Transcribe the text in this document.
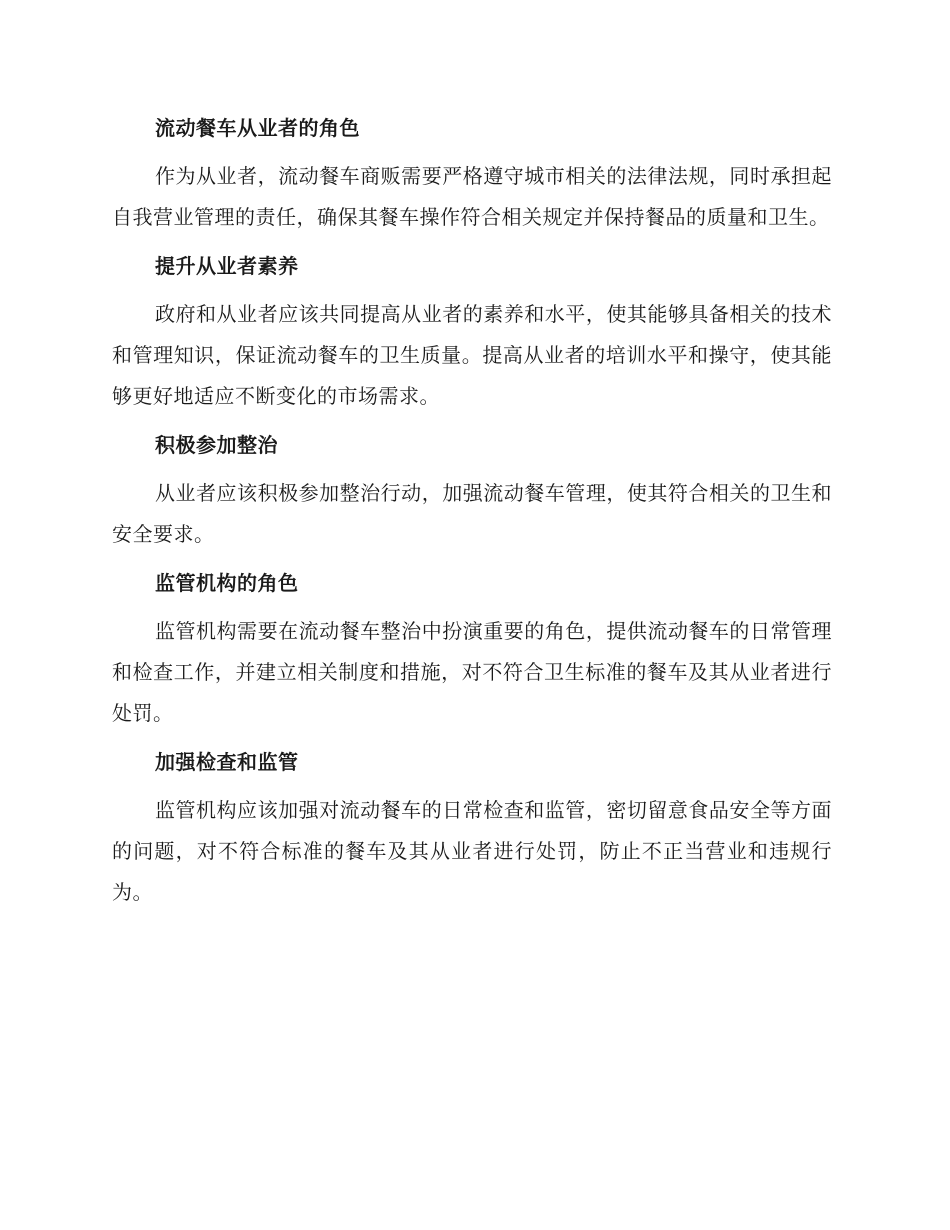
流动餐车从业者的角色

作为从业者，流动餐车商贩需要严格遵守城市相关的法律法规，同时承担起自我营业管理的责任，确保其餐车操作符合相关规定并保持餐品的质量和卫生。

提升从业者素养

政府和从业者应该共同提高从业者的素养和水平，使其能够具备相关的技术和管理知识，保证流动餐车的卫生质量。提高从业者的培训水平和操守，使其能够更好地适应不断变化的市场需求。

积极参加整治

从业者应该积极参加整治行动，加强流动餐车管理，使其符合相关的卫生和安全要求。

监管机构的角色

监管机构需要在流动餐车整治中扮演重要的角色，提供流动餐车的日常管理和检查工作，并建立相关制度和措施，对不符合卫生标准的餐车及其从业者进行处罚。

加强检查和监管

监管机构应该加强对流动餐车的日常检查和监管，密切留意食品安全等方面的问题，对不符合标准的餐车及其从业者进行处罚，防止不正当营业和违规行为。
